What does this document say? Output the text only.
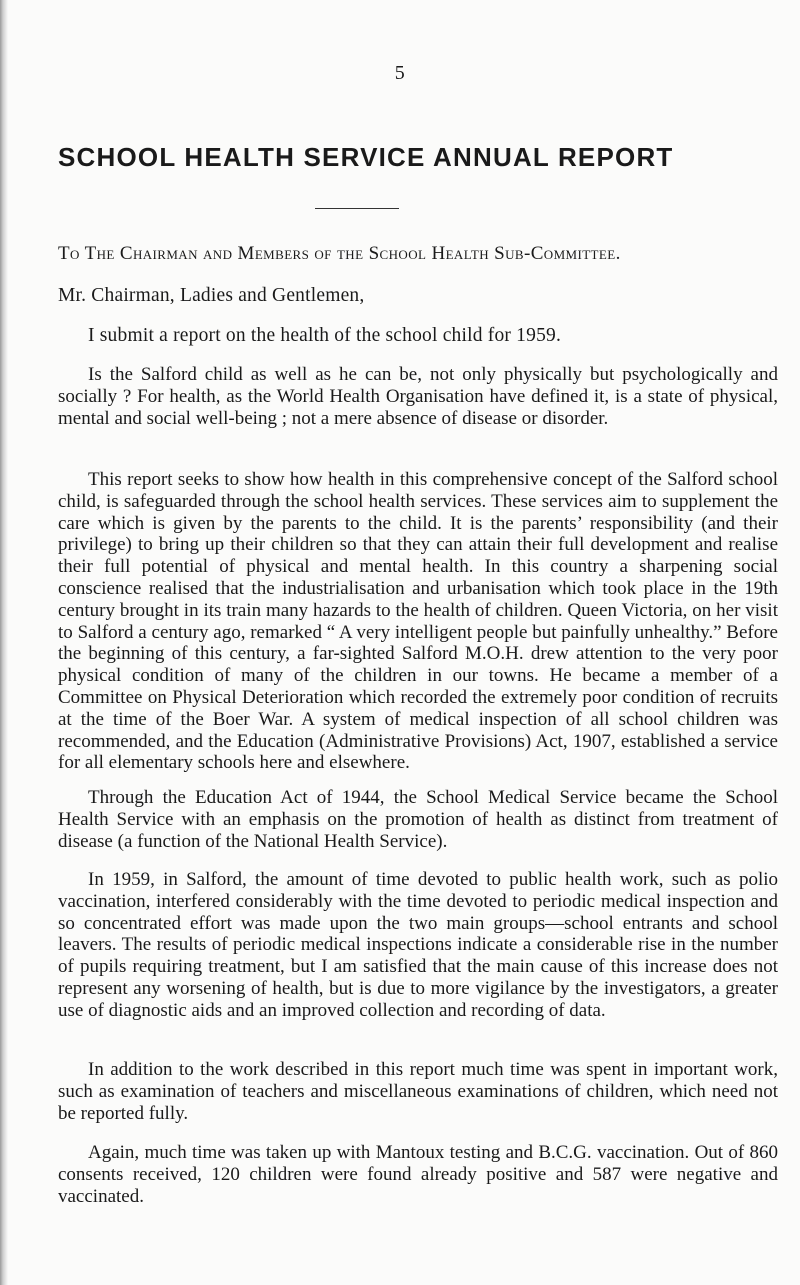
5
SCHOOL HEALTH SERVICE ANNUAL REPORT
To The Chairman and Members of the School Health Sub-Committee.
Mr. Chairman, Ladies and Gentlemen,
I submit a report on the health of the school child for 1959.

Is the Salford child as well as he can be, not only physically but psychologically and socially ? For health, as the World Health Organisation have defined it, is a state of physical, mental and social well-being ; not a mere absence of disease or disorder.

This report seeks to show how health in this comprehensive concept of the Salford school child, is safeguarded through the school health services. These services aim to supplement the care which is given by the parents to the child. It is the parents’ responsibility (and their privilege) to bring up their children so that they can attain their full development and realise their full potential of physical and mental health. In this country a sharpening social conscience realised that the industrialisation and urbanisation which took place in the 19th century brought in its train many hazards to the health of children. Queen Victoria, on her visit to Salford a century ago, remarked “ A very intelligent people but painfully unhealthy.” Before the beginning of this century, a far-sighted Salford M.O.H. drew attention to the very poor physical condition of many of the children in our towns. He became a member of a Committee on Physical Deterioration which recorded the extremely poor condition of recruits at the time of the Boer War. A system of medical inspection of all school children was recommended, and the Education (Administrative Provisions) Act, 1907, established a service for all elementary schools here and elsewhere.

Through the Education Act of 1944, the School Medical Service became the School Health Service with an emphasis on the promotion of health as distinct from treatment of disease (a function of the National Health Service).

In 1959, in Salford, the amount of time devoted to public health work, such as polio vaccination, interfered considerably with the time devoted to periodic medical inspection and so concentrated effort was made upon the two main groups—school entrants and school leavers. The results of periodic medical inspections indicate a considerable rise in the number of pupils requiring treatment, but I am satisfied that the main cause of this increase does not represent any worsening of health, but is due to more vigilance by the investigators, a greater use of diagnostic aids and an improved collection and recording of data.

In addition to the work described in this report much time was spent in important work, such as examination of teachers and miscellaneous examinations of children, which need not be reported fully.

Again, much time was taken up with Mantoux testing and B.C.G. vaccination. Out of 860 consents received, 120 children were found already positive and 587 were negative and vaccinated.
